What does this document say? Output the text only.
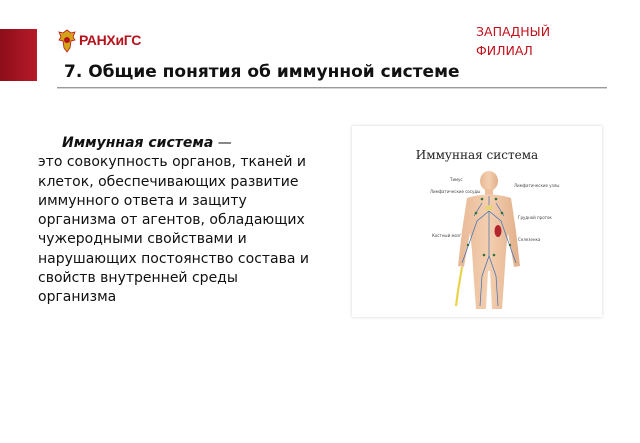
РАНХиГС
ЗАПАДНЫЙ
ФИЛИАЛ
7. Общие понятия об иммунной системе
Иммунная система —
это совокупность органов, тканей и клеток, обеспечивающих развитие иммунного ответа и защиту организма от агентов, обладающих чужеродными свойствами и нарушающих постоянство состава и свойств внутренней среды организма
Иммунная система
Тимус
Лимфатические сосуды
Лимфатические узлы
Грудной проток
Селезенка
Костный мозг
